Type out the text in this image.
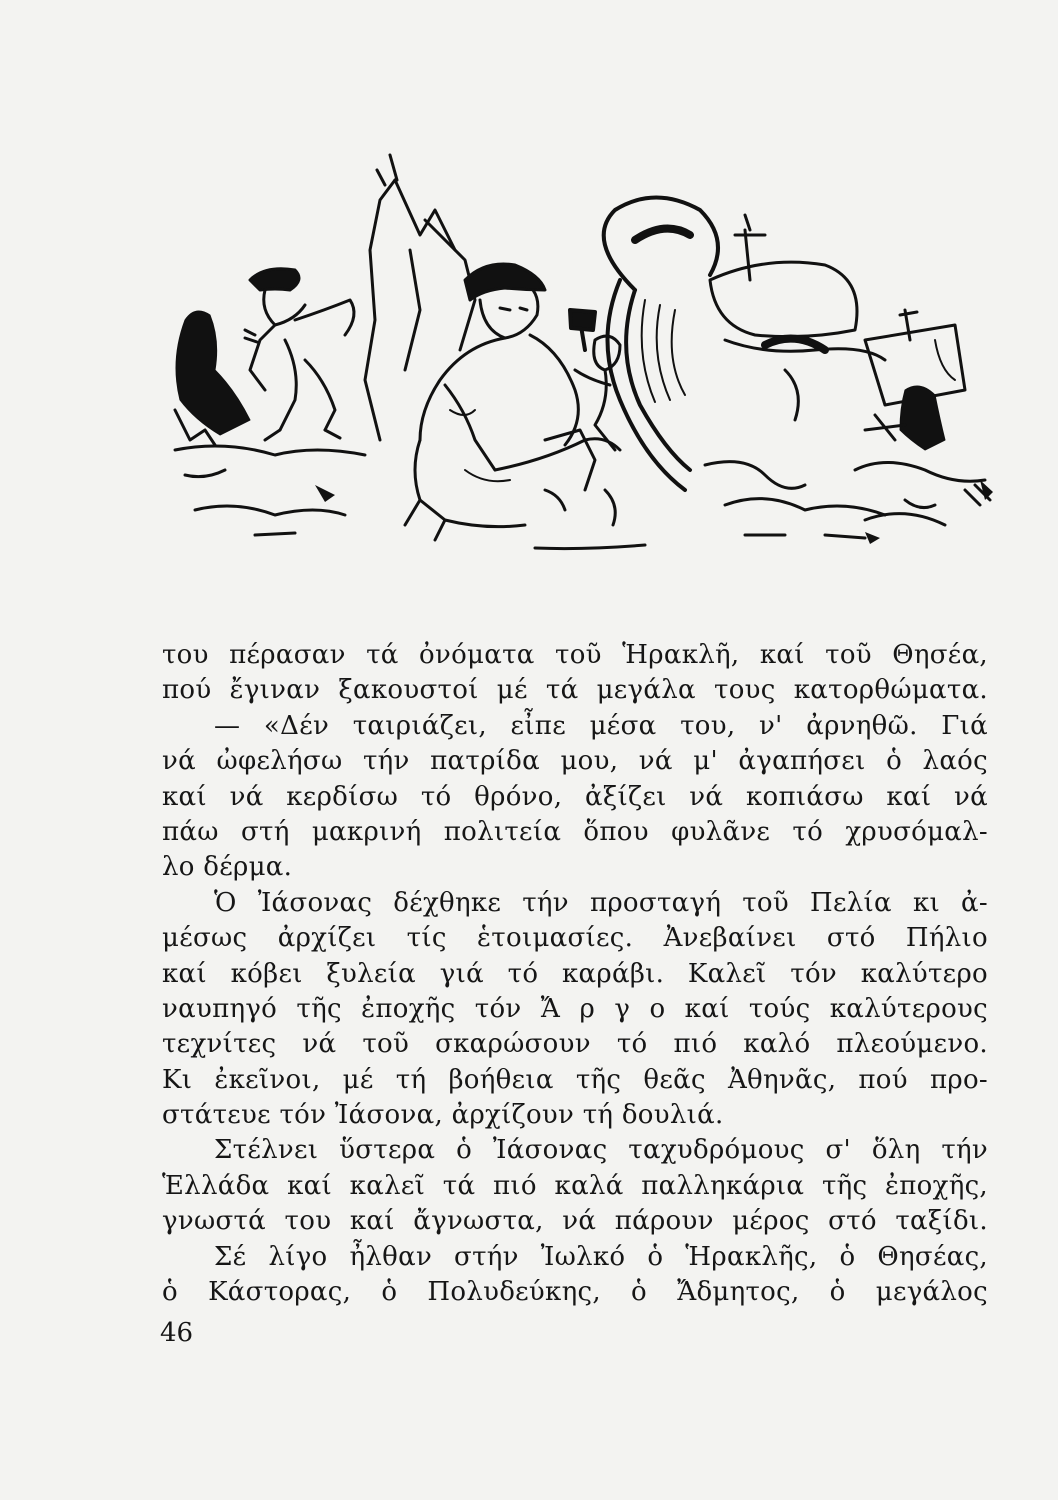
του πέρασαν τά ὀνόματα τοῦ Ἡρακλῆ, καί τοῦ Θησέα,
πού ἔγιναν ξακουστοί μέ τά μεγάλα τους κατορθώματα.
— «Δέν ταιριάζει, εἶπε μέσα του, ν' ἀρνηθῶ. Γιά
νά ὠφελήσω τήν πατρίδα μου, νά μ' ἀγαπήσει ὁ λαός
καί νά κερδίσω τό θρόνο, ἀξίζει νά κοπιάσω καί νά
πάω στή μακρινή πολιτεία ὅπου φυλᾶνε τό χρυσόμαλ-
λο δέρμα.
Ὁ Ἰάσονας δέχθηκε τήν προσταγή τοῦ Πελία κι ἀ-
μέσως ἀρχίζει τίς ἑτοιμασίες. Ἀνεβαίνει στό Πήλιο
καί κόβει ξυλεία γιά τό καράβι. Καλεῖ τόν καλύτερο
ναυπηγό τῆς ἐποχῆς τόν Ἄ ρ γ ο καί τούς καλύτερους
τεχνίτες νά τοῦ σκαρώσουν τό πιό καλό πλεούμενο.
Κι ἐκεῖνοι, μέ τή βοήθεια τῆς θεᾶς Ἀθηνᾶς, πού προ-
στάτευε τόν Ἰάσονα, ἀρχίζουν τή δουλιά.
Στέλνει ὕστερα ὁ Ἰάσονας ταχυδρόμους σ' ὅλη τήν
Ἑλλάδα καί καλεῖ τά πιό καλά παλληκάρια τῆς ἐποχῆς,
γνωστά του καί ἄγνωστα, νά πάρουν μέρος στό ταξίδι.
Σέ λίγο ἦλθαν στήν Ἰωλκό ὁ Ἡρακλῆς, ὁ Θησέας,
ὁ Κάστορας, ὁ Πολυδεύκης, ὁ Ἄδμητος, ὁ μεγάλος
46
